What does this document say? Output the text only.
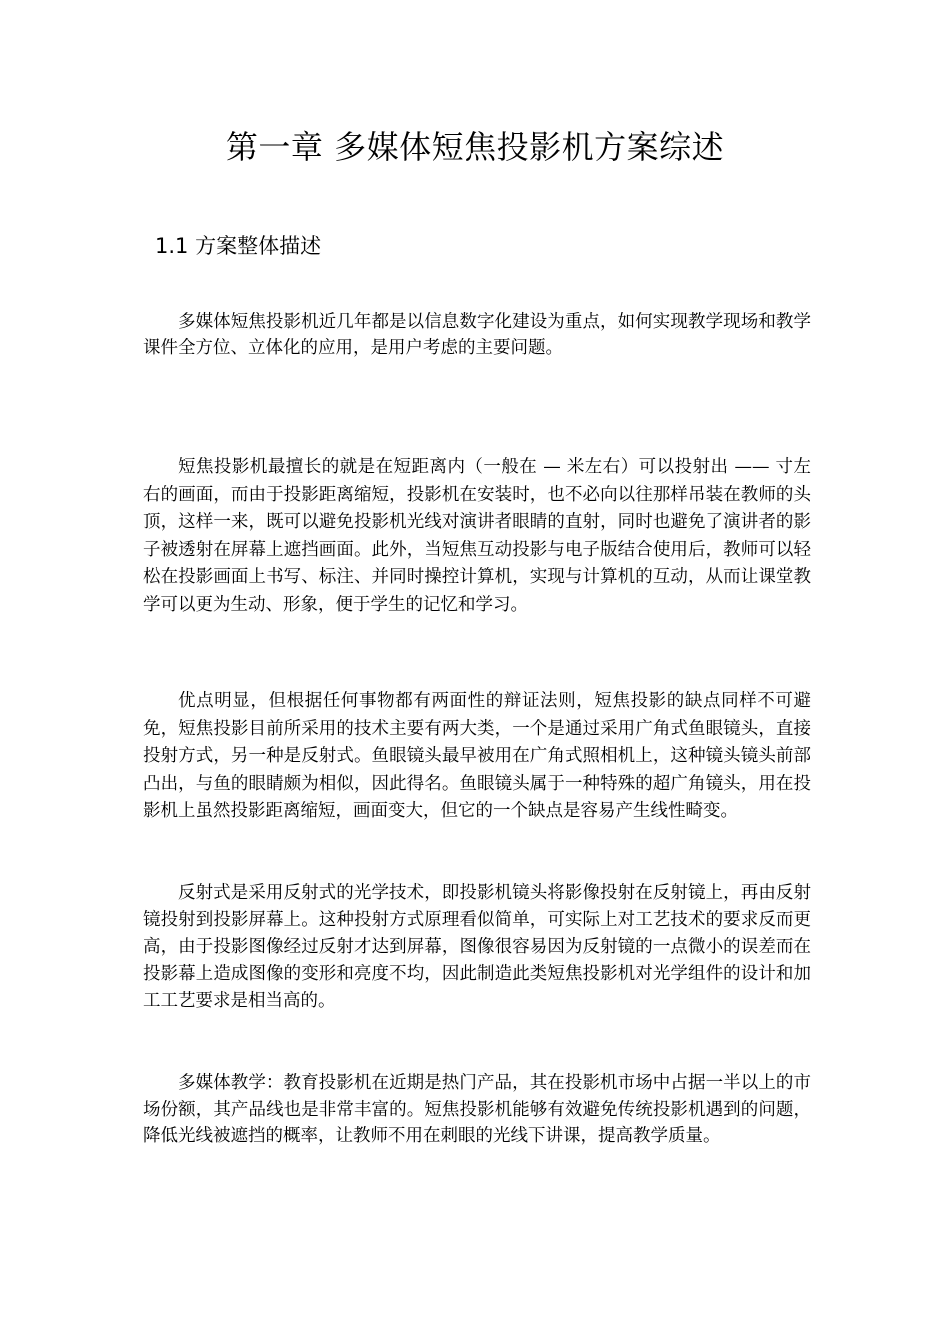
第一章 多媒体短焦投影机方案综述
1.1 方案整体描述

多媒体短焦投影机近几年都是以信息数字化建设为重点，如何实现教学现场和教学课件全方位、立体化的应用，是用户考虑的主要问题。

短焦投影机最擅长的就是在短距离内（一般在 — 米左右）可以投射出 —— 寸左右的画面，而由于投影距离缩短，投影机在安装时，也不必向以往那样吊装在教师的头顶，这样一来，既可以避免投影机光线对演讲者眼睛的直射，同时也避免了演讲者的影子被透射在屏幕上遮挡画面。此外，当短焦互动投影与电子版结合使用后，教师可以轻松在投影画面上书写、标注、并同时操控计算机，实现与计算机的互动，从而让课堂教学可以更为生动、形象，便于学生的记忆和学习。

优点明显，但根据任何事物都有两面性的辩证法则，短焦投影的缺点同样不可避免，短焦投影目前所采用的技术主要有两大类，一个是通过采用广角式鱼眼镜头，直接投射方式，另一种是反射式。鱼眼镜头最早被用在广角式照相机上，这种镜头镜头前部凸出，与鱼的眼睛颇为相似，因此得名。鱼眼镜头属于一种特殊的超广角镜头，用在投影机上虽然投影距离缩短，画面变大，但它的一个缺点是容易产生线性畸变。

反射式是采用反射式的光学技术，即投影机镜头将影像投射在反射镜上，再由反射镜投射到投影屏幕上。这种投射方式原理看似简单，可实际上对工艺技术的要求反而更高，由于投影图像经过反射才达到屏幕，图像很容易因为反射镜的一点微小的误差而在投影幕上造成图像的变形和亮度不均，因此制造此类短焦投影机对光学组件的设计和加工工艺要求是相当高的。

多媒体教学：教育投影机在近期是热门产品，其在投影机市场中占据一半以上的市场份额，其产品线也是非常丰富的。短焦投影机能够有效避免传统投影机遇到的问题，降低光线被遮挡的概率，让教师不用在刺眼的光线下讲课，提高教学质量。
